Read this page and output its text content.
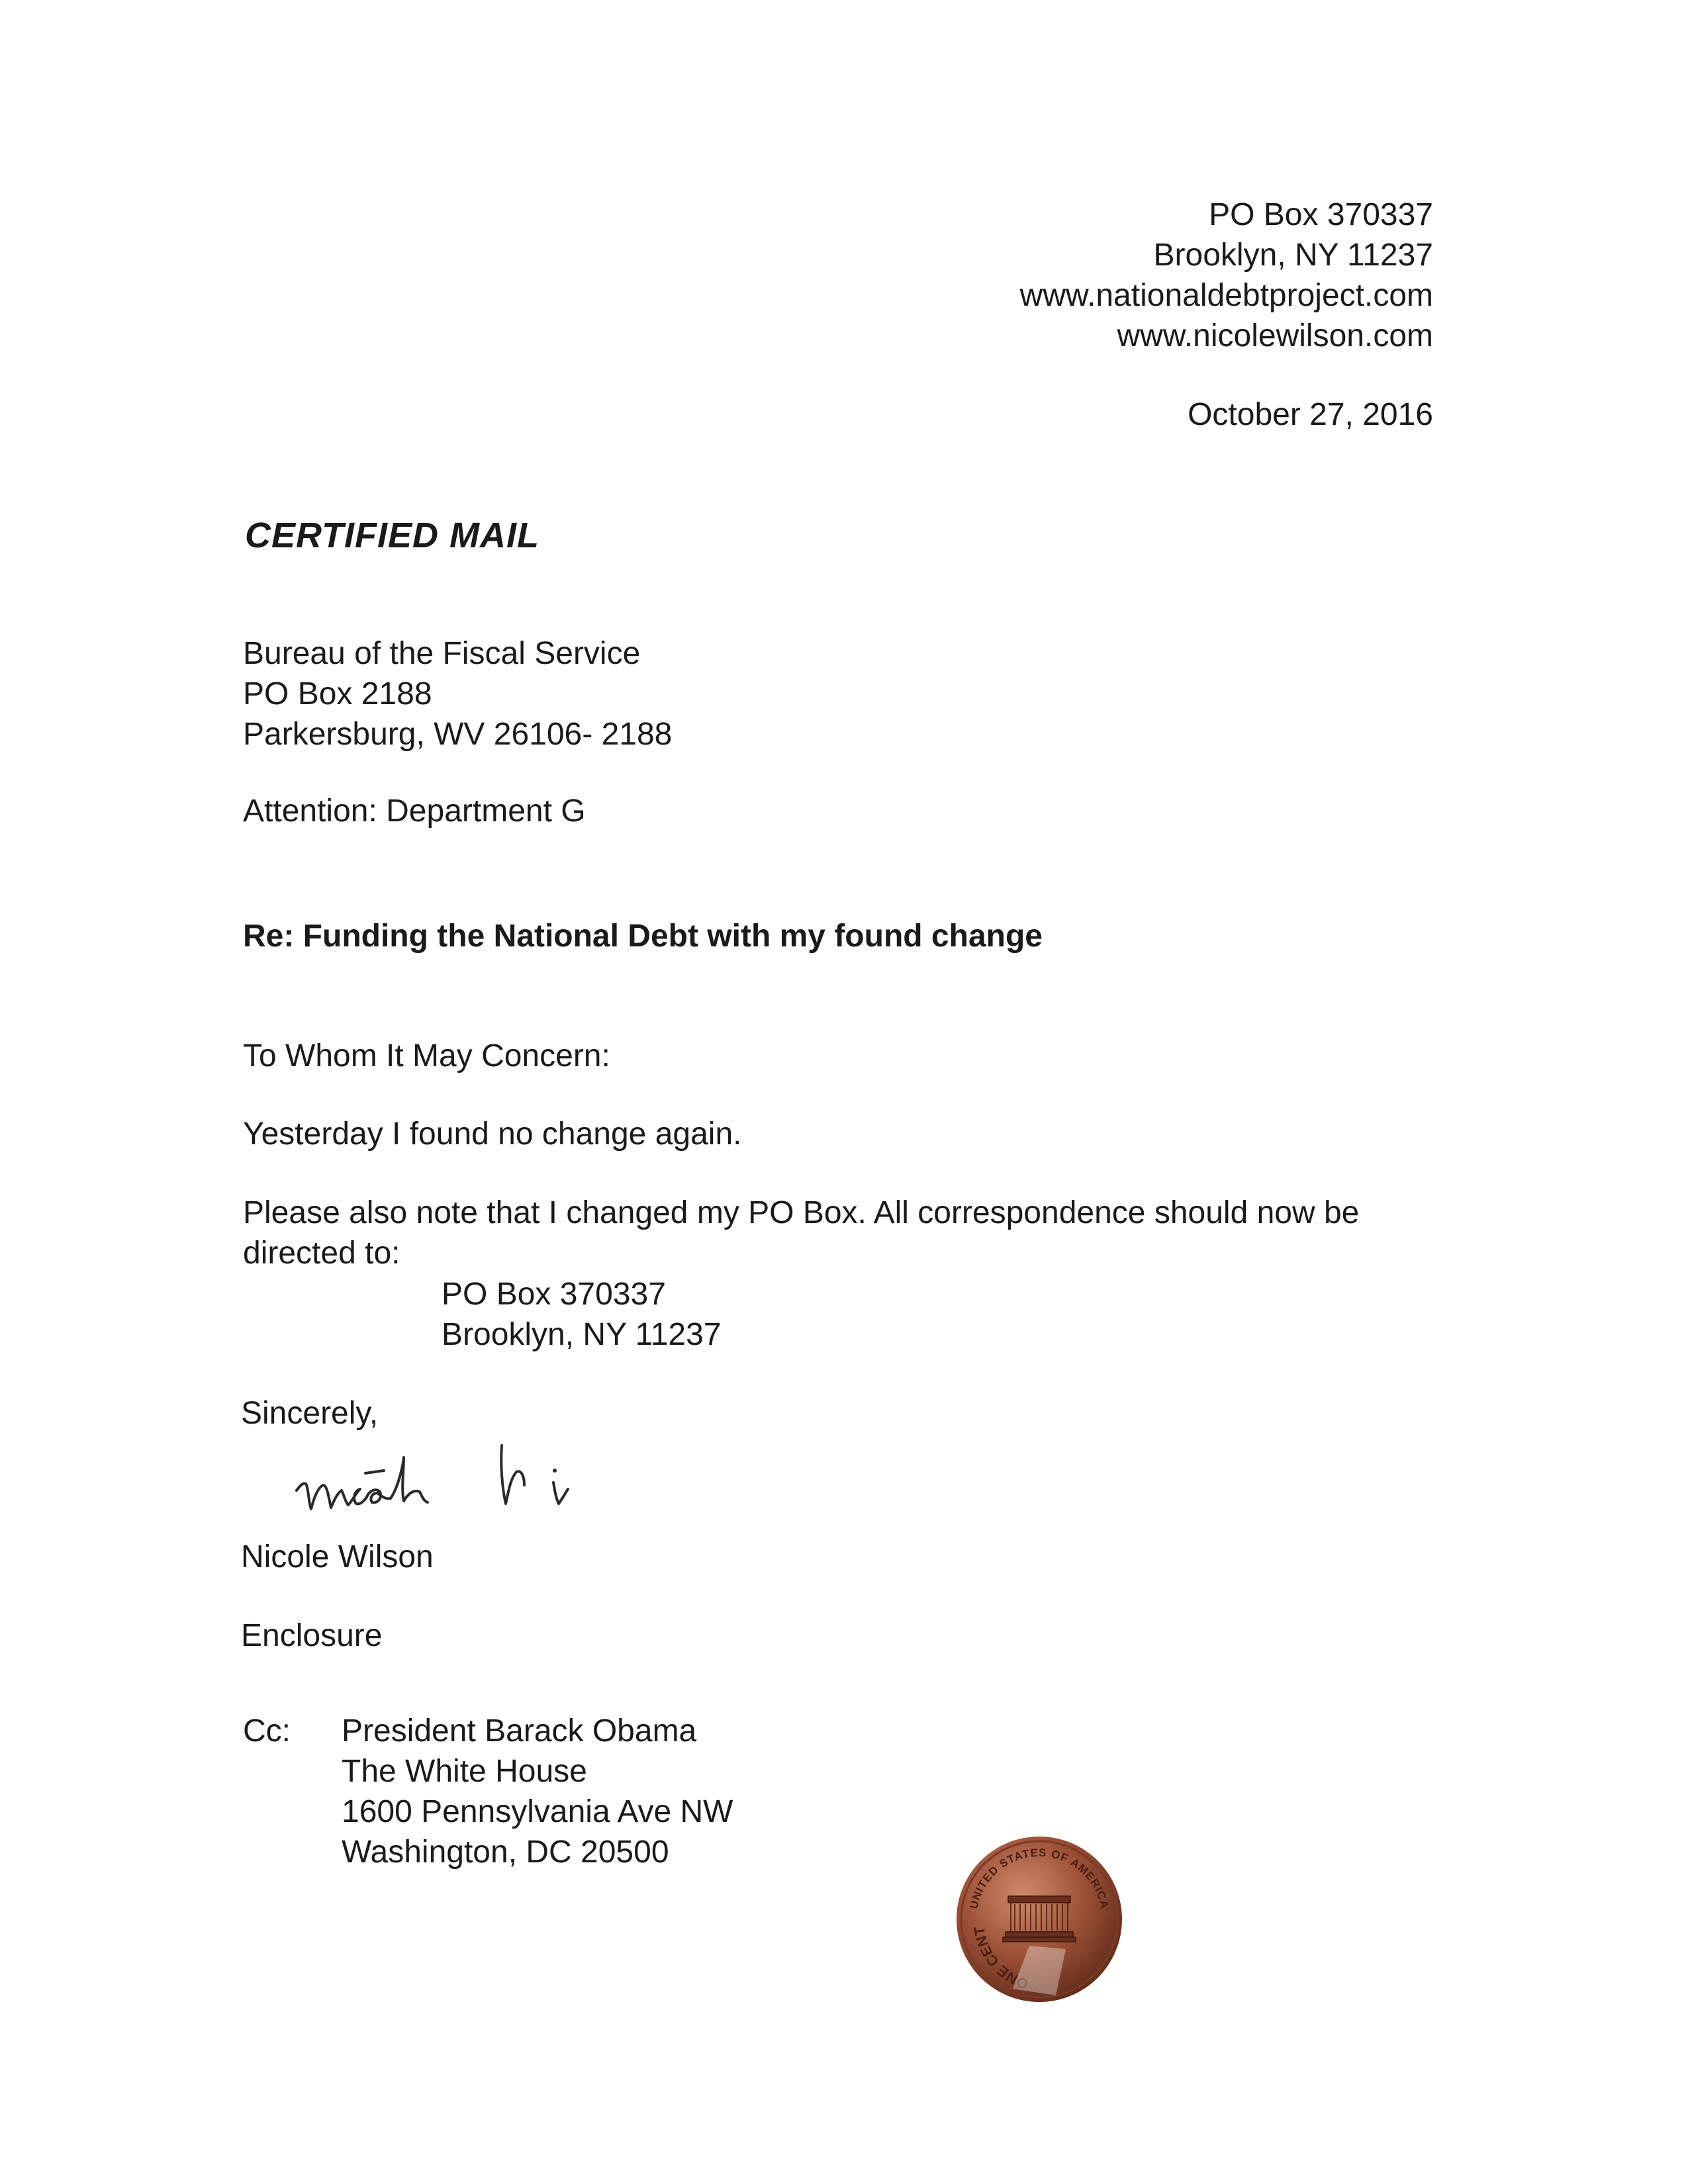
PO Box 370337
Brooklyn, NY 11237
www.nationaldebtproject.com
www.nicolewilson.com
October 27, 2016
CERTIFIED MAIL
Bureau of the Fiscal Service
PO Box 2188
Parkersburg, WV 26106- 2188
Attention: Department G
Re: Funding the National Debt with my found change
To Whom It May Concern:
Yesterday I found no change again.
Please also note that I changed my PO Box. All correspondence should now be directed to:
PO Box 370337
Brooklyn, NY 11237
Sincerely,
Nicole Wilson
Enclosure
Cc: President Barack Obama
The White House
1600 Pennsylvania Ave NW
Washington, DC 20500
UNITED STATES OF AMERICA
ONE CENT
